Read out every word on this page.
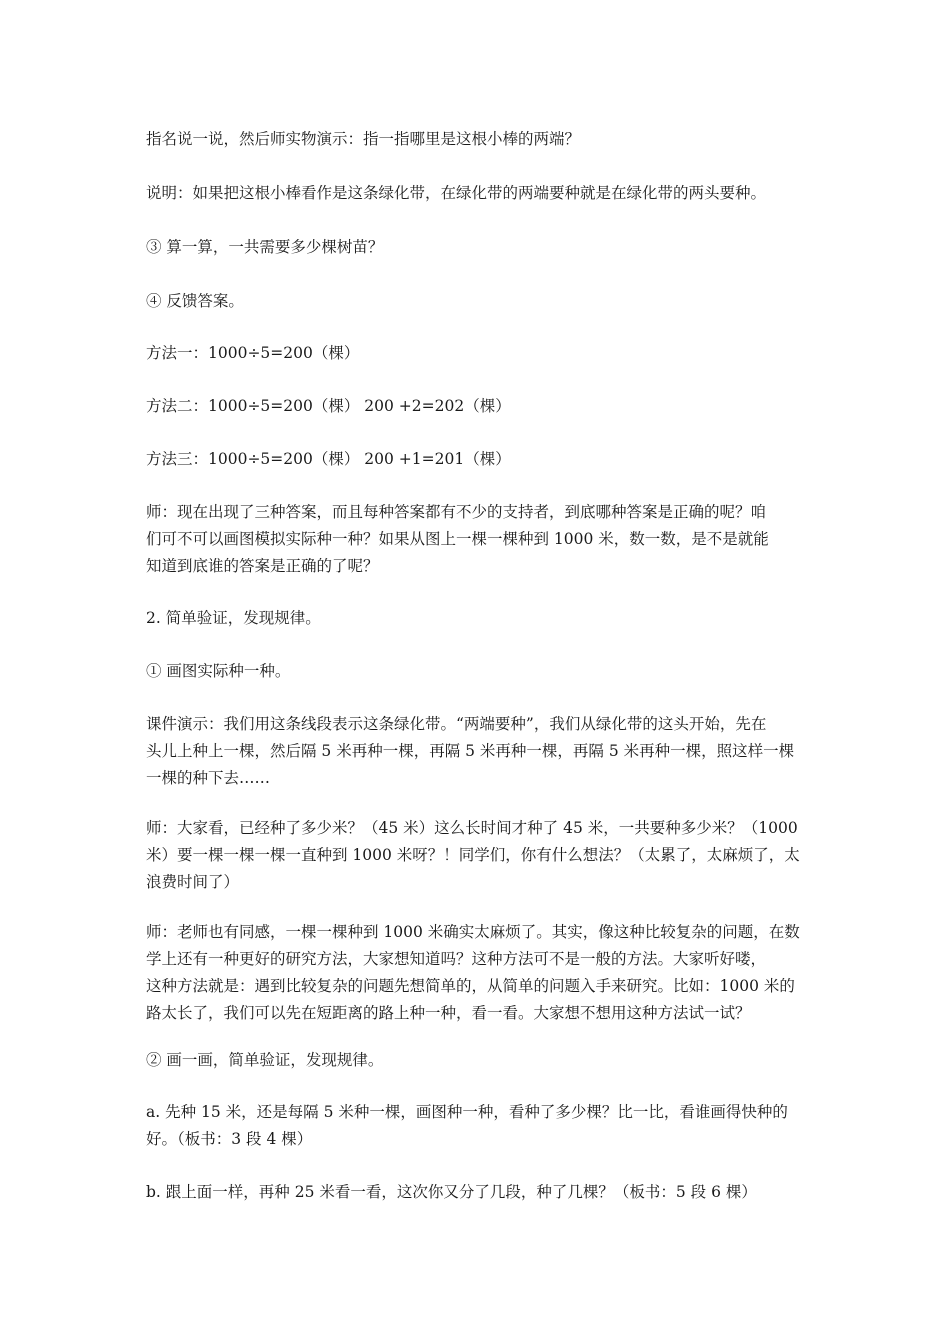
指名说一说，然后师实物演示：指一指哪里是这根小棒的两端？

说明：如果把这根小棒看作是这条绿化带，在绿化带的两端要种就是在绿化带的两头要种。

③ 算一算，一共需要多少棵树苗？

④ 反馈答案。

方法一：1000÷5=200（棵）

方法二：1000÷5=200（棵） 200 +2=202（棵）

方法三：1000÷5=200（棵） 200 +1=201（棵）

师：现在出现了三种答案，而且每种答案都有不少的支持者，到底哪种答案是正确的呢？咱
们可不可以画图模拟实际种一种？如果从图上一棵一棵种到 1000 米，数一数，是不是就能
知道到底谁的答案是正确的了呢？

2. 简单验证，发现规律。

① 画图实际种一种。

课件演示：我们用这条线段表示这条绿化带。“两端要种”，我们从绿化带的这头开始，先在
头儿上种上一棵，然后隔 5 米再种一棵，再隔 5 米再种一棵，再隔 5 米再种一棵，照这样一棵
一棵的种下去……

师：大家看，已经种了多少米？（45 米）这么长时间才种了 45 米，一共要种多少米？（1000
米）要一棵一棵一棵一直种到 1000 米呀？！同学们，你有什么想法？（太累了，太麻烦了，太
浪费时间了）

师：老师也有同感，一棵一棵种到 1000 米确实太麻烦了。其实，像这种比较复杂的问题，在数
学上还有一种更好的研究方法，大家想知道吗？这种方法可不是一般的方法。大家听好喽，
这种方法就是：遇到比较复杂的问题先想简单的，从简单的问题入手来研究。比如：1000 米的
路太长了，我们可以先在短距离的路上种一种，看一看。大家想不想用这种方法试一试？

② 画一画，简单验证，发现规律。

a. 先种 15 米，还是每隔 5 米种一棵，画图种一种，看种了多少棵？比一比，看谁画得快种的
好。（板书：3 段 4 棵）

b. 跟上面一样，再种 25 米看一看，这次你又分了几段，种了几棵？（板书：5 段 6 棵）
